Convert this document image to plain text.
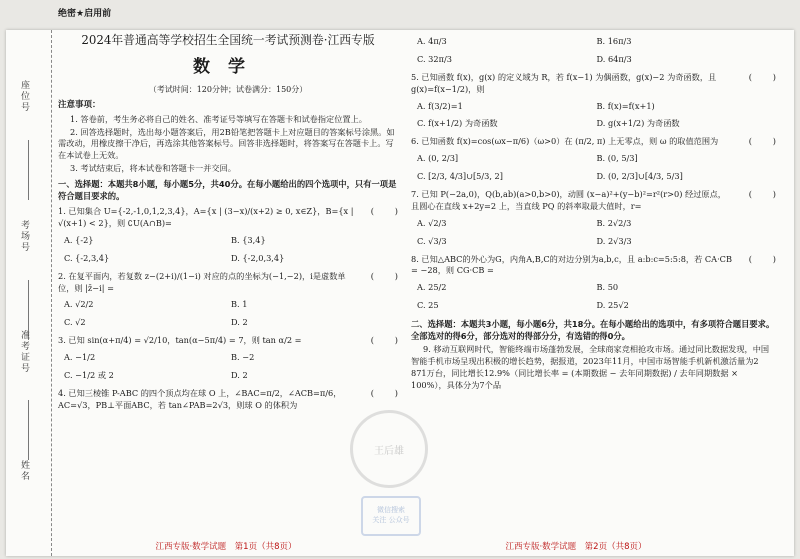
绝密★启用前
座位号
考场号
准考证号
姓名
2024年普通高等学校招生全国统一考试预测卷·江西专版
数学
（考试时间：120分钟；试卷满分：150分）
注意事项：
1. 答卷前，考生务必将自己的姓名、准考证号等填写在答题卡和试卷指定位置上。
2. 回答选择题时，选出每小题答案后，用2B铅笔把答题卡上对应题目的答案标号涂黑。如需改动，用橡皮擦干净后，再选涂其他答案标号。回答非选择题时，将答案写在答题卡上。写在本试卷上无效。
3. 考试结束后，将本试卷和答题卡一并交回。
一、选择题：本题共8小题，每小题5分，共40分。在每小题给出的四个选项中，只有一项是符合题目要求的。
1. 已知集合 U={-2,-1,0,1,2,3,4}，A={x | (3−x)/(x+2) ≥ 0, x∈Z}，B={x | √(x+1) < 2}，则 ∁U(A∩B)=
(        )
A. {-2}	B. {3,4}
C. {-2,3,4}	D. {-2,0,3,4}
2. 在复平面内，若复数 z−(2+i)/(1−i) 对应的点的坐标为(−1,−2)，i是虚数单位，则 |z̄−i| =
(        )
A. √2/2	B. 1
C. √2	D. 2
3. 已知 sin(α+π/4) = √2/10，tan(α−5π/4) = 7，则 tan α/2 =	(        )
A. −1/2	B. −2
C. −1/2 或 2	D. 2
4. 已知三棱锥 P-ABC 的四个顶点均在球 O 上，∠BAC=π/2，∠ACB=π/6，AC=√3，PB⊥平面ABC，若 tan∠PAB=2√3，则球 O 的体积为
(        )
江西专版·数学试题　第1页（共8页）
A. 4π/3	B. 16π/3
C. 32π/3	D. 64π/3
5. 已知函数 f(x)，g(x) 的定义域为 R，若 f(x−1) 为偶函数，g(x)−2 为奇函数，且 g(x)=f(x−1/2)，则
(        )
A. f(3/2)=1	B. f(x)=f(x+1)
C. f(x+1/2) 为奇函数	D. g(x+1/2) 为奇函数
6. 已知函数 f(x)=cos(ωx−π/6)（ω>0）在 (π/2, π) 上无零点，则 ω 的取值范围为	(        )
A. (0, 2/3]	B. (0, 5/3]
C. [2/3, 4/3]∪[5/3, 2]	D. (0, 2/3]∪[4/3, 5/3]
7. 已知 P(−2a,0)，Q(b,ab)(a>0,b>0)，动圆 (x−a)²+(y−b)²=r²(r>0) 经过原点，且圆心在直线 x+2y=2 上，当直线 PQ 的斜率取最大值时，r=
(        )
A. √2/3	B. 2√2/3
C. √3/3	D. 2√3/3
8. 已知△ABC的外心为G，内角A,B,C的对边分别为a,b,c，且 a:b:c=5:5:8，若 CA·CB = −28，则 CG·CB =
(        )
A. 25/2	B. 50
C. 25	D. 25√2
二、选择题：本题共3小题，每小题6分，共18分。在每小题给出的选项中，有多项符合题目要求。全部选对的得6分，部分选对的得部分分，有选错的得0分。
9. 移动互联网时代，智能终端市场蓬勃发展，全球商家竞相抢攻市场。通过同比数据发现，中国智能手机市场呈现出积极的增长趋势，据报道，2023年11月，中国市场智能手机新机激活量为2 871万台，同比增长12.9%（同比增长率 = (本期数据 − 去年同期数据) / 去年同期数据 × 100%），具体分为7个品
江西专版·数学试题　第2页（共8页）
王后雄
微信搜索
关注 公众号
